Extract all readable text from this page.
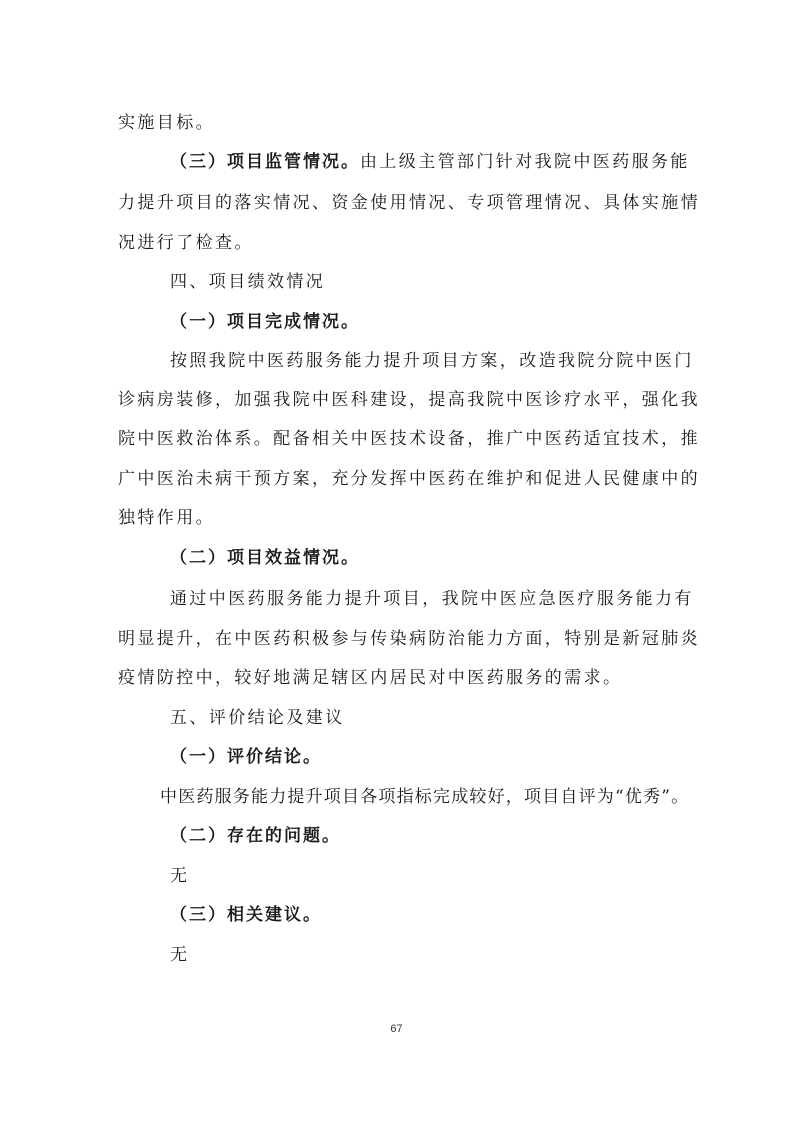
实施目标。
（三）项目监管情况。由上级主管部门针对我院中医药服务能
力提升项目的落实情况、资金使用情况、专项管理情况、具体实施情
况进行了检查。
四、项目绩效情况
（一）项目完成情况。
按照我院中医药服务能力提升项目方案，改造我院分院中医门
诊病房装修，加强我院中医科建设，提高我院中医诊疗水平，强化我
院中医救治体系。配备相关中医技术设备，推广中医药适宜技术，推
广中医治未病干预方案，充分发挥中医药在维护和促进人民健康中的
独特作用。
（二）项目效益情况。
通过中医药服务能力提升项目，我院中医应急医疗服务能力有
明显提升，在中医药积极参与传染病防治能力方面，特别是新冠肺炎
疫情防控中，较好地满足辖区内居民对中医药服务的需求。
五、评价结论及建议
（一）评价结论。
中医药服务能力提升项目各项指标完成较好，项目自评为“优秀”。
（二）存在的问题。
无
（三）相关建议。
无
67
